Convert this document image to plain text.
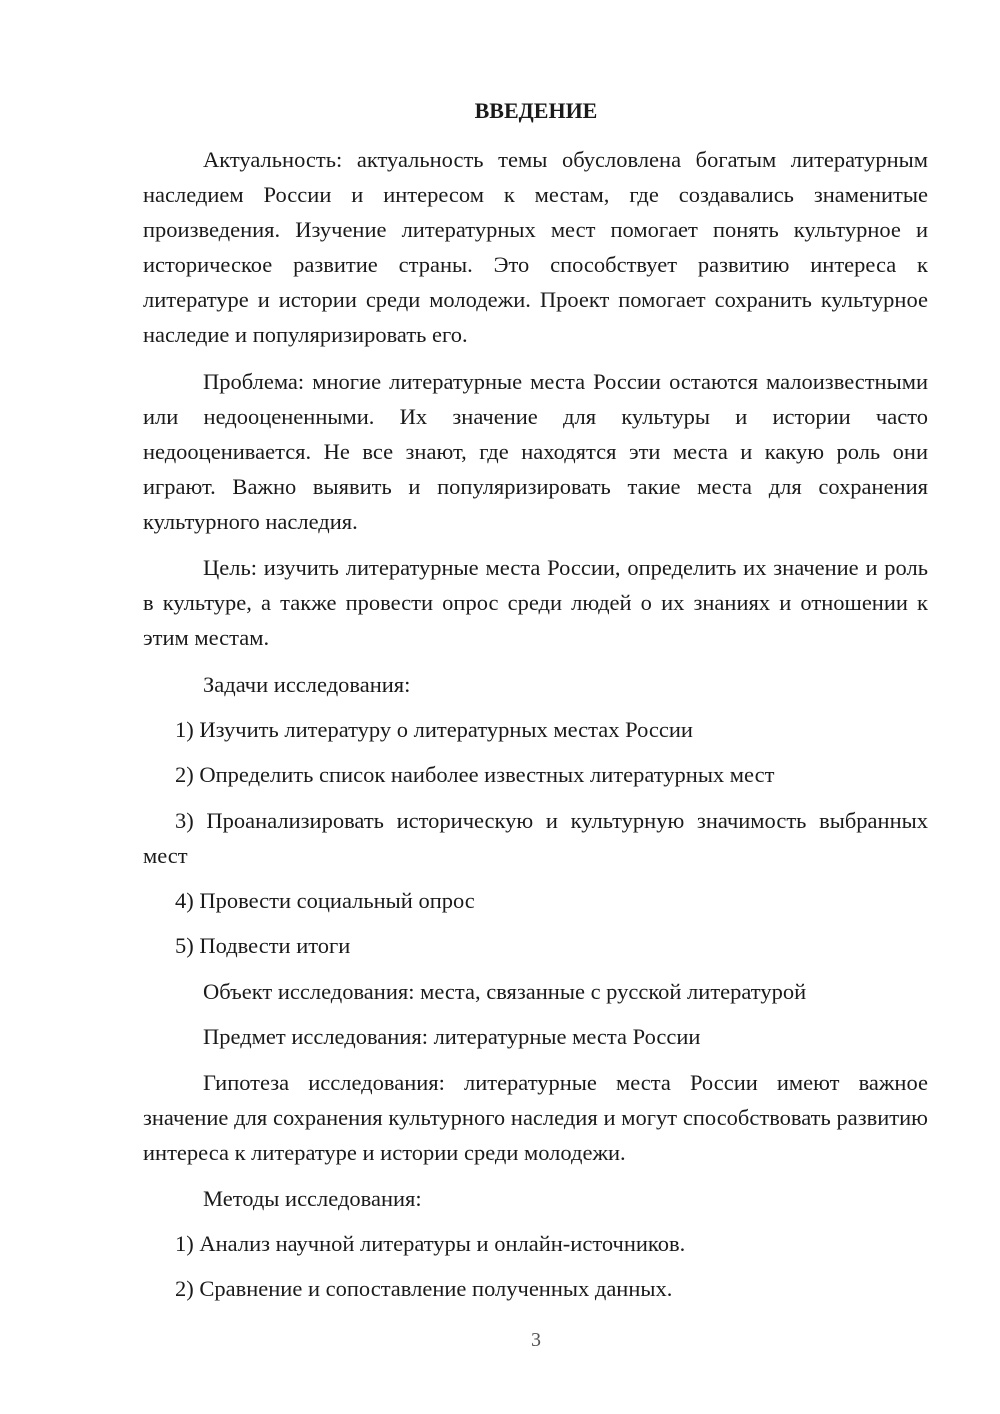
ВВЕДЕНИЕ

Актуальность: актуальность темы обусловлена богатым литературным наследием России и интересом к местам, где создавались знаменитые произведения. Изучение литературных мест помогает понять культурное и историческое развитие страны. Это способствует развитию интереса к литературе и истории среди молодежи. Проект помогает сохранить культурное наследие и популяризировать его.

Проблема: многие литературные места России остаются малоизвестными или недооцененными. Их значение для культуры и истории часто недооценивается. Не все знают, где находятся эти места и какую роль они играют. Важно выявить и популяризировать такие места для сохранения культурного наследия.

Цель: изучить литературные места России, определить их значение и роль в культуре, а также провести опрос среди людей о их знаниях и отношении к этим местам.

Задачи исследования:

1) Изучить литературу о литературных местах России

2) Определить список наиболее известных литературных мест

3) Проанализировать историческую и культурную значимость выбранных мест

4) Провести социальный опрос

5) Подвести итоги

Объект исследования: места, связанные с русской литературой

Предмет исследования: литературные места России

Гипотеза исследования: литературные места России имеют важное значение для сохранения культурного наследия и могут способствовать развитию интереса к литературе и истории среди молодежи.

Методы исследования:

1) Анализ научной литературы и онлайн-источников.

2) Сравнение и сопоставление полученных данных.

3
